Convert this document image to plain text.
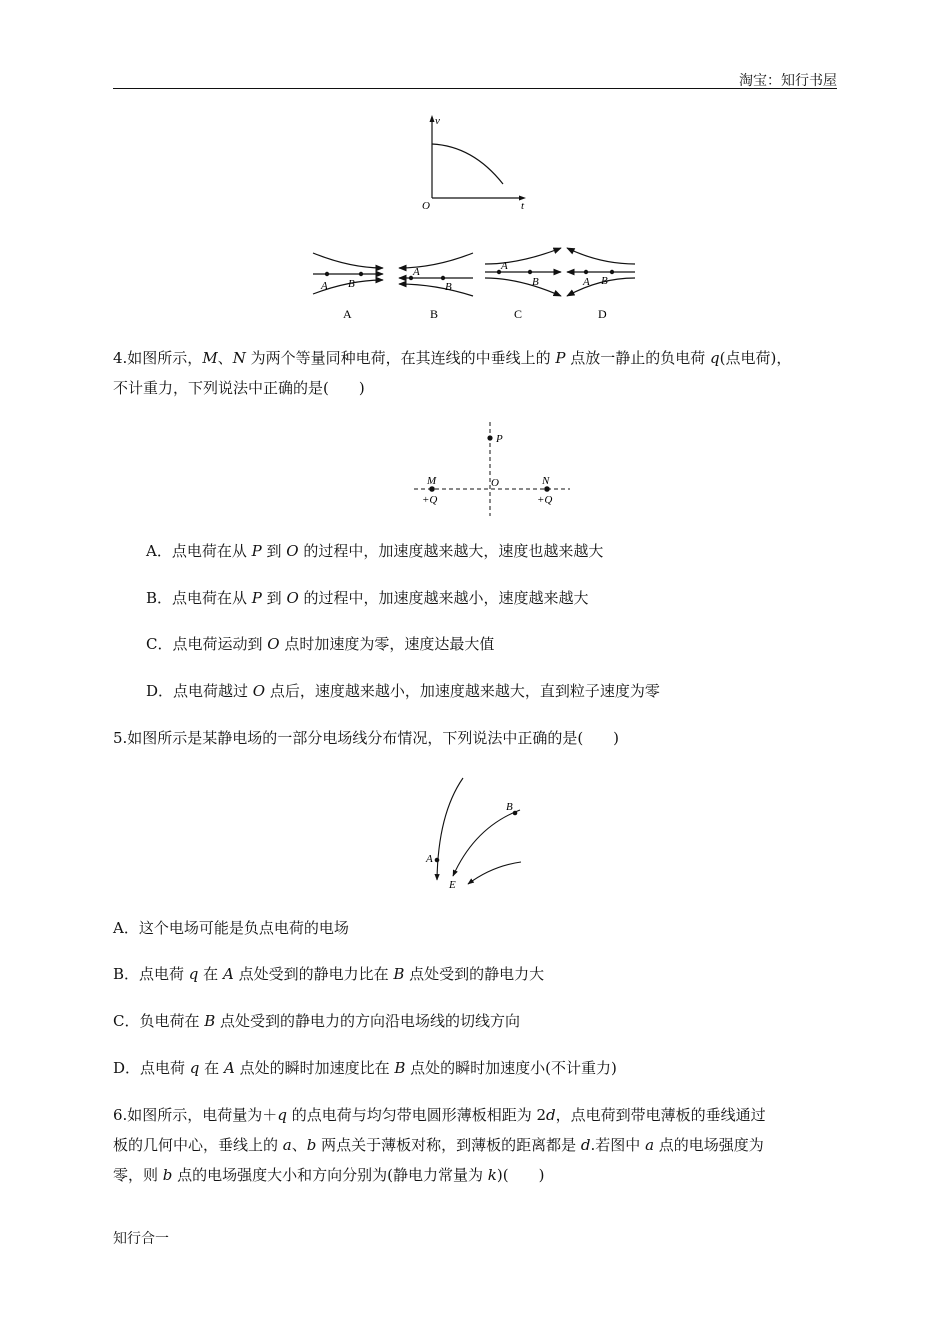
淘宝：知行书屋
v
t
O
A B
A
B
A
B	A B
A	B	C	D
4.如图所示，M、N 为两个等量同种电荷，在其连线的中垂线上的 P 点放一静止的负电荷 q(点电荷)，
不计重力，下列说法中正确的是(　　)
P
M	O	N
+Q	+Q
A．点电荷在从 P 到 O 的过程中，加速度越来越大，速度也越来越大
B．点电荷在从 P 到 O 的过程中，加速度越来越小，速度越来越大
C．点电荷运动到 O 点时加速度为零，速度达最大值
D．点电荷越过 O 点后，速度越来越小，加速度越来越大，直到粒子速度为零
5.如图所示是某静电场的一部分电场线分布情况，下列说法中正确的是(　　)
A
B
E
A．这个电场可能是负点电荷的电场
B．点电荷 q 在 A 点处受到的静电力比在 B 点处受到的静电力大
C．负电荷在 B 点处受到的静电力的方向沿电场线的切线方向
D．点电荷 q 在 A 点处的瞬时加速度比在 B 点处的瞬时加速度小(不计重力)
6.如图所示，电荷量为＋q 的点电荷与均匀带电圆形薄板相距为 2d，点电荷到带电薄板的垂线通过
板的几何中心，垂线上的 a、b 两点关于薄板对称，到薄板的距离都是 d.若图中 a 点的电场强度为
零，则 b 点的电场强度大小和方向分别为(静电力常量为 k)(　　)
知行合一
